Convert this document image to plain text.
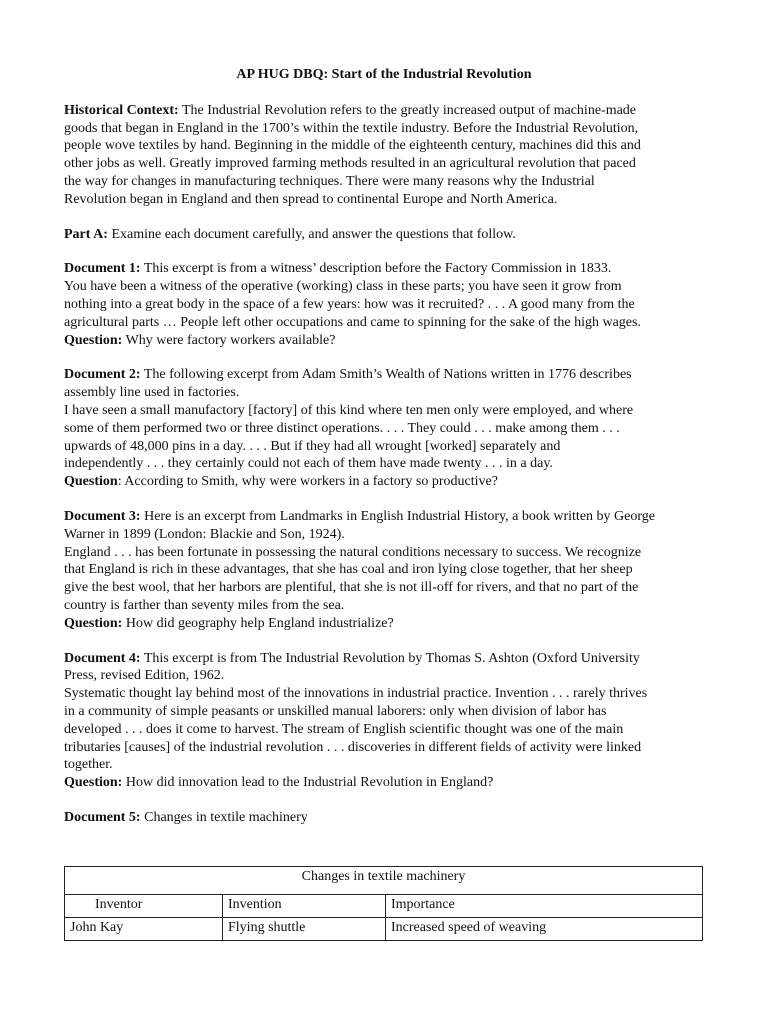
AP HUG DBQ: Start of the Industrial Revolution
Historical Context: The Industrial Revolution refers to the greatly increased output of machine-made
goods that began in England in the 1700’s within the textile industry. Before the Industrial Revolution,
people wove textiles by hand. Beginning in the middle of the eighteenth century, machines did this and
other jobs as well. Greatly improved farming methods resulted in an agricultural revolution that paced
the way for changes in manufacturing techniques. There were many reasons why the Industrial
Revolution began in England and then spread to continental Europe and North America.
Part A: Examine each document carefully, and answer the questions that follow.
Document 1: This excerpt is from a witness’ description before the Factory Commission in 1833.
You have been a witness of the operative (working) class in these parts; you have seen it grow from
nothing into a great body in the space of a few years: how was it recruited? . . . A good many from the
agricultural parts … People left other occupations and came to spinning for the sake of the high wages.
Question: Why were factory workers available?
Document 2: The following excerpt from Adam Smith’s Wealth of Nations written in 1776 describes
assembly line used in factories.
I have seen a small manufactory [factory] of this kind where ten men only were employed, and where
some of them performed two or three distinct operations. . . . They could . . . make among them . . .
upwards of 48,000 pins in a day. . . . But if they had all wrought [worked] separately and
independently . . . they certainly could not each of them have made twenty . . . in a day.
Question: According to Smith, why were workers in a factory so productive?
Document 3: Here is an excerpt from Landmarks in English Industrial History, a book written by George
Warner in 1899 (London: Blackie and Son, 1924).
England . . . has been fortunate in possessing the natural conditions necessary to success. We recognize
that England is rich in these advantages, that she has coal and iron lying close together, that her sheep
give the best wool, that her harbors are plentiful, that she is not ill-off for rivers, and that no part of the
country is farther than seventy miles from the sea.
Question: How did geography help England industrialize?
Document 4: This excerpt is from The Industrial Revolution by Thomas S. Ashton (Oxford University
Press, revised Edition, 1962.
Systematic thought lay behind most of the innovations in industrial practice. Invention . . . rarely thrives
in a community of simple peasants or unskilled manual laborers: only when division of labor has
developed . . . does it come to harvest. The stream of English scientific thought was one of the main
tributaries [causes] of the industrial revolution . . . discoveries in different fields of activity were linked
together.
Question: How did innovation lead to the Industrial Revolution in England?
Document 5: Changes in textile machinery
Changes in textile machinery		
Inventor	Invention	Importance
John Kay	Flying shuttle	Increased speed of weaving
